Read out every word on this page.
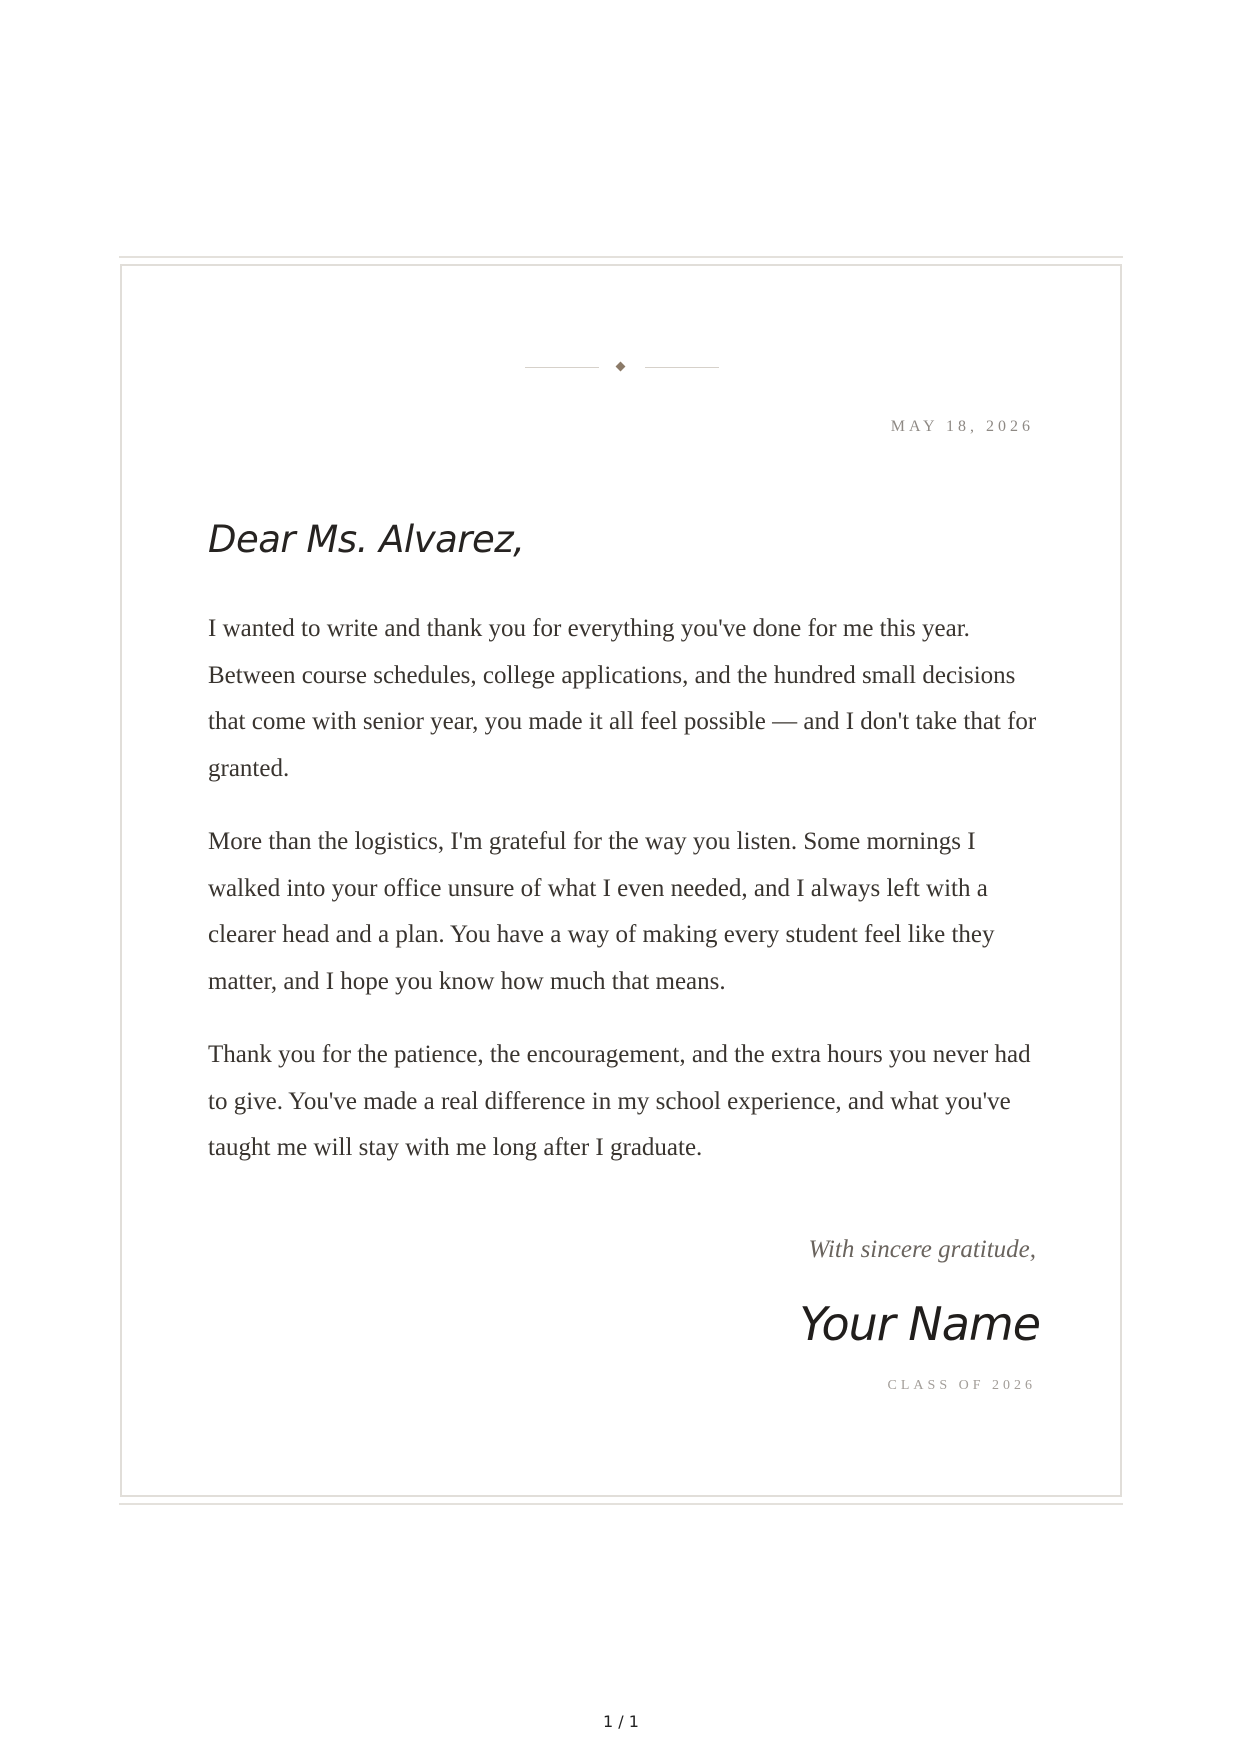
MAY 18, 2026
Dear Ms. Alvarez,

I wanted to write and thank you for everything you've done for me this year. Between course schedules, college applications, and the hundred small decisions that come with senior year, you made it all feel possible — and I don't take that for granted.

More than the logistics, I'm grateful for the way you listen. Some mornings I walked into your office unsure of what I even needed, and I always left with a clearer head and a plan. You have a way of making every student feel like they matter, and I hope you know how much that means.

Thank you for the patience, the encouragement, and the extra hours you never had to give. You've made a real difference in my school experience, and what you've taught me will stay with me long after I graduate.

With sincere gratitude,
Your Name
CLASS OF 2026
1 / 1
